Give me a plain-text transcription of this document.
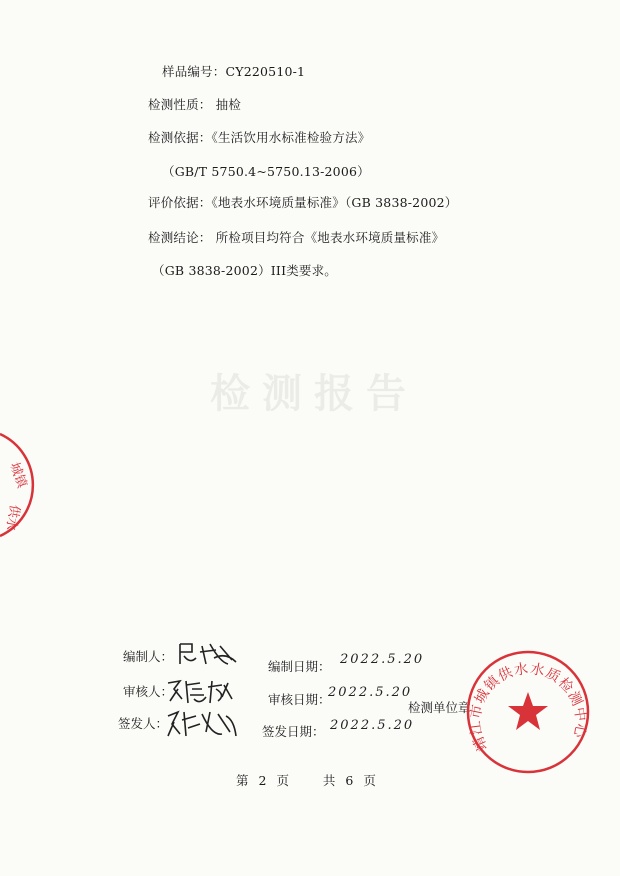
样品编号：CY220510-1
检测性质： 抽检
检测依据：《生活饮用水标准检验方法》
（GB/T 5750.4~5750.13-2006）
评价依据：《地表水环境质量标准》（GB 3838-2002）
检测结论： 所检项目均符合《地表水环境质量标准》
（GB 3838-2002）III类要求。
检测报告
编制人：
编制日期： 2022.5.20
审核人：
审核日期：
2022.5.20
检测单位章
签发人：
签发日期： 2022.5.20
第 2 页	共 6 页
城镇
供水
靖江市城镇供水水质检测中心
